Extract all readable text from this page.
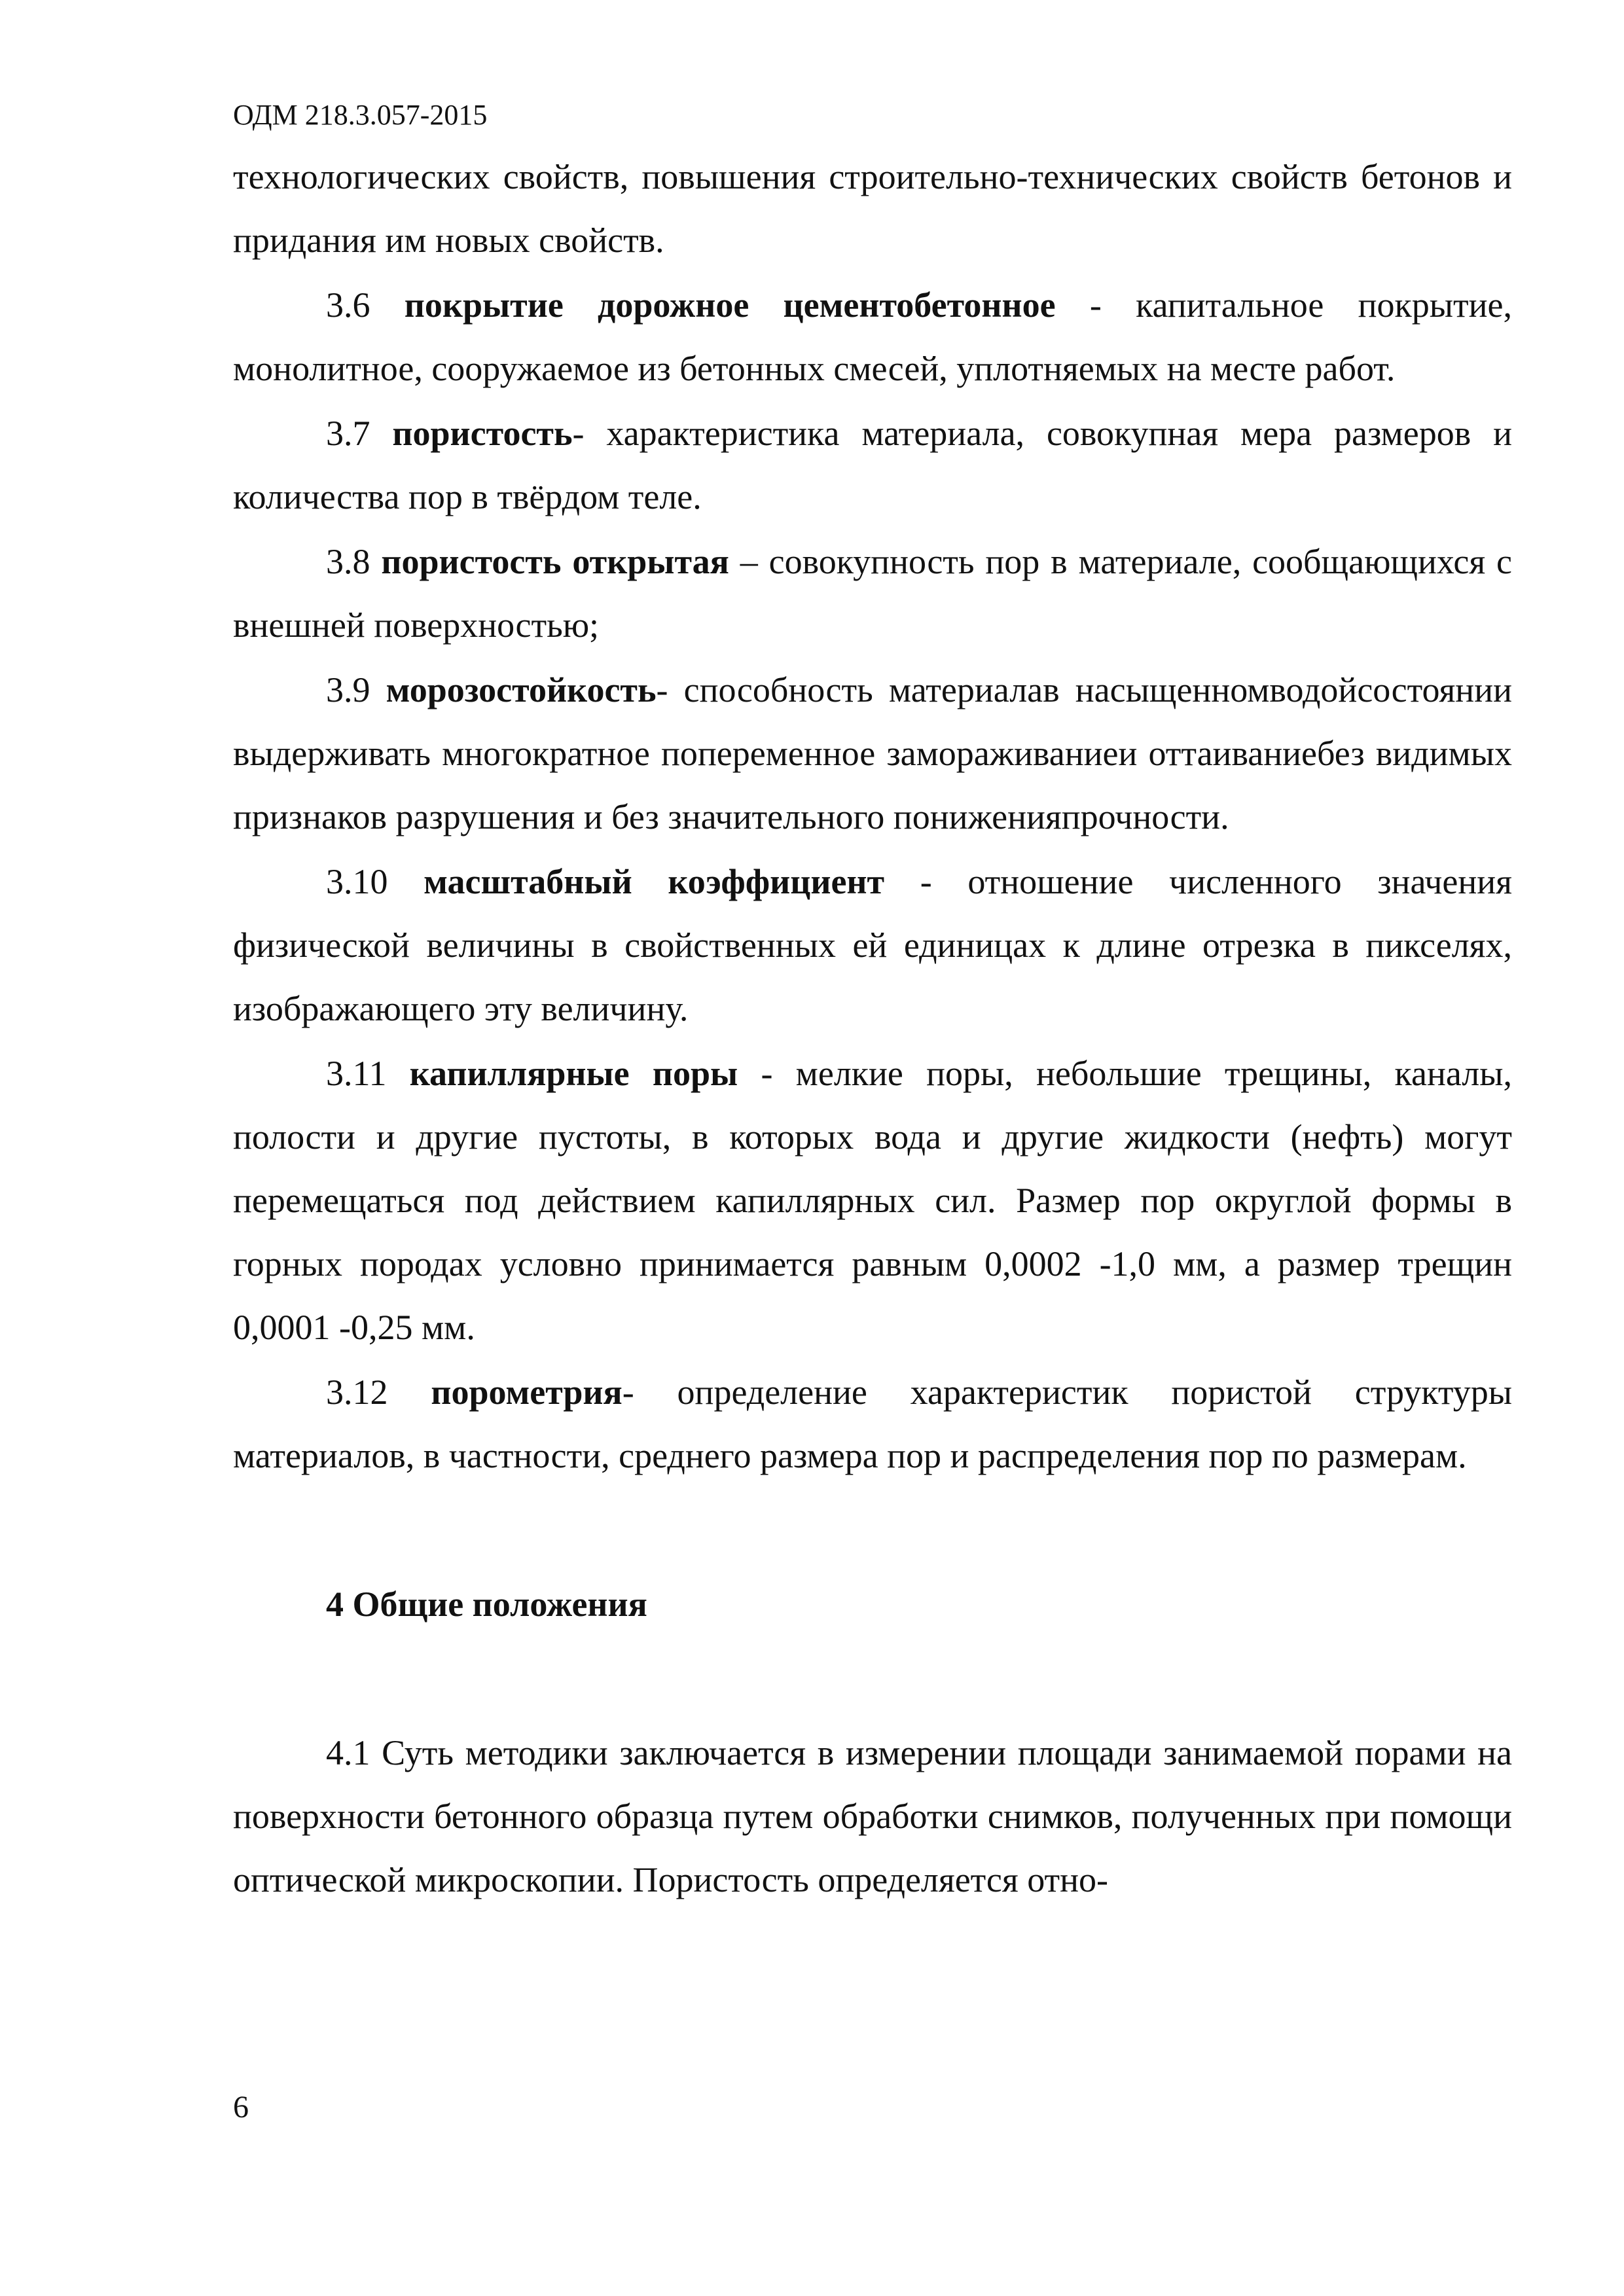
ОДМ 218.3.057-2015

технологических свойств, повышения строительно-технических свойств бетонов и придания им новых свойств.

3.6 покрытие дорожное цементобетонное - капитальное покрытие, монолитное, сооружаемое из бетонных смесей, уплотняемых на месте работ.

3.7 пористость- характеристика материала, совокупная мера размеров и количества пор в твёрдом теле.

3.8 пористость открытая – совокупность пор в материале, сообщающихся с внешней поверхностью;

3.9 морозостойкость- способность материалав насыщенномводойсостоянии выдерживать многократное попеременное замораживаниеи оттаиваниебез видимых признаков разрушения и без значительного пониженияпрочности.

3.10 масштабный коэффициент - отношение численного значения физической величины в свойственных ей единицах к длине отрезка в пикселях, изображающего эту величину.

3.11 капиллярные поры - мелкие поры, небольшие трещины, каналы, полости и другие пустоты, в которых вода и другие жидкости (нефть) могут перемещаться под действием капиллярных сил. Размер пор округлой формы в горных породах условно принимается равным 0,0002 -1,0 мм, а размер трещин 0,0001 -0,25 мм.

3.12 порометрия- определение характеристик пористой структуры материалов, в частности, среднего размера пор и распределения пор по размерам.

4 Общие положения

4.1 Суть методики заключается в измерении площади занимаемой порами на поверхности бетонного образца путем обработки снимков, полученных при помощи оптической микроскопии. Пористость определяется отно-

6
